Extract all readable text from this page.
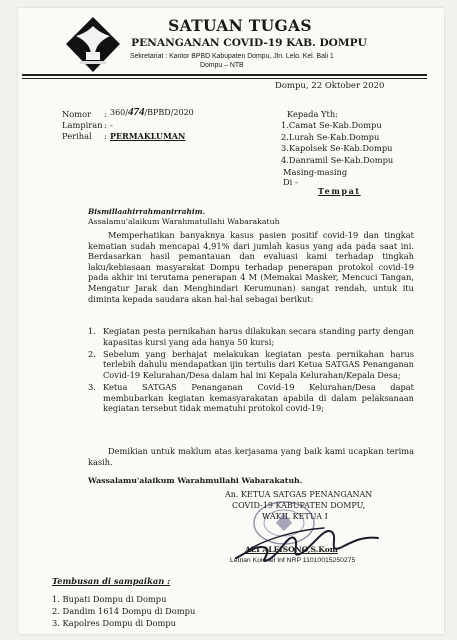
SATUAN TUGAS
PENANGANAN COVID-19 KAB. DOMPU
Sekretariat : Kantor BPBD Kabupaten Dompu, Jln. Lelo. Kel. Bali 1
Dompu – NTB
Dompu, 22 Oktober 2020
Nomor : 360/474/BPBD/2020
Lampiran : -
Perihal : PERMAKLUMAN
Kepada Yth:
1.Camat Se-Kab.Dompu
2.Lurah Se-Kab.Dompu
3.Kapolsek Se-Kab.Dompu
4.Danramil Se-Kab.Dompu
Masing-masing
Di -
Tempat
Bismillaahirrahmanirrahim.
Assalamu'alaikum Warahmatullahi Wabarakatuh
Memperhatikan banyaknya kasus pasien positif covid-19 dan tingkat kematian sudah mencapai 4,91% dari jumlah kasus yang ada pada saat ini. Berdasarkan hasil pemantauan dan evaluasi kami terhadap tingkah laku/kebiasaan masyarakat Dompu terhadap penerapan protokol covid-19 pada akhir ini terutama penerapan 4 M (Memakai Masker, Mencuci Tangan, Mengatur Jarak dan Menghindari Kerumunan) sangat rendah, untuk itu diminta kepada saudara akan hal-hal sebagai berikut:
1. Kegiatan pesta pernikahan harus dilakukan secara standing party dengan kapasitas kursi yang ada hanya 50 kursi;
2. Sebelum yang berhajat melakukan kegiatan pesta pernikahan harus terlebih dahulu mendapatkan ijin tertulis dari Ketua SATGAS Penanganan Covid-19 Kelurahan/Desa dalam hal ini Kepala Kelurahan/Kepala Desa;
3. Ketua SATGAS Penanganan Covid-19 Kelurahan/Desa dapat membubarkan kegiatan kemasyarakatan apabila di dalam pelaksanaan kegiatan tersebut tidak mematuhi protokol covid-19;
Demikian untuk maklum atas kerjasama yang baik kami ucapkan terima kasih.
Wassalamu'alaikum Warahmullahi Wabarakatuh.
An. KETUA SATGAS PENANGANAN
COVID-19 KABUPATEN DOMPU,
WAKIL KETUA I
ALI ALFISONO,S.Kom
Letnan Kolonel Inf NRP 11010015250275
Tembusan di sampaikan :
1. Bupati Dompu di Dompu
2. Dandim 1614 Dompu di Dompu
3. Kapolres Dompu di Dompu
